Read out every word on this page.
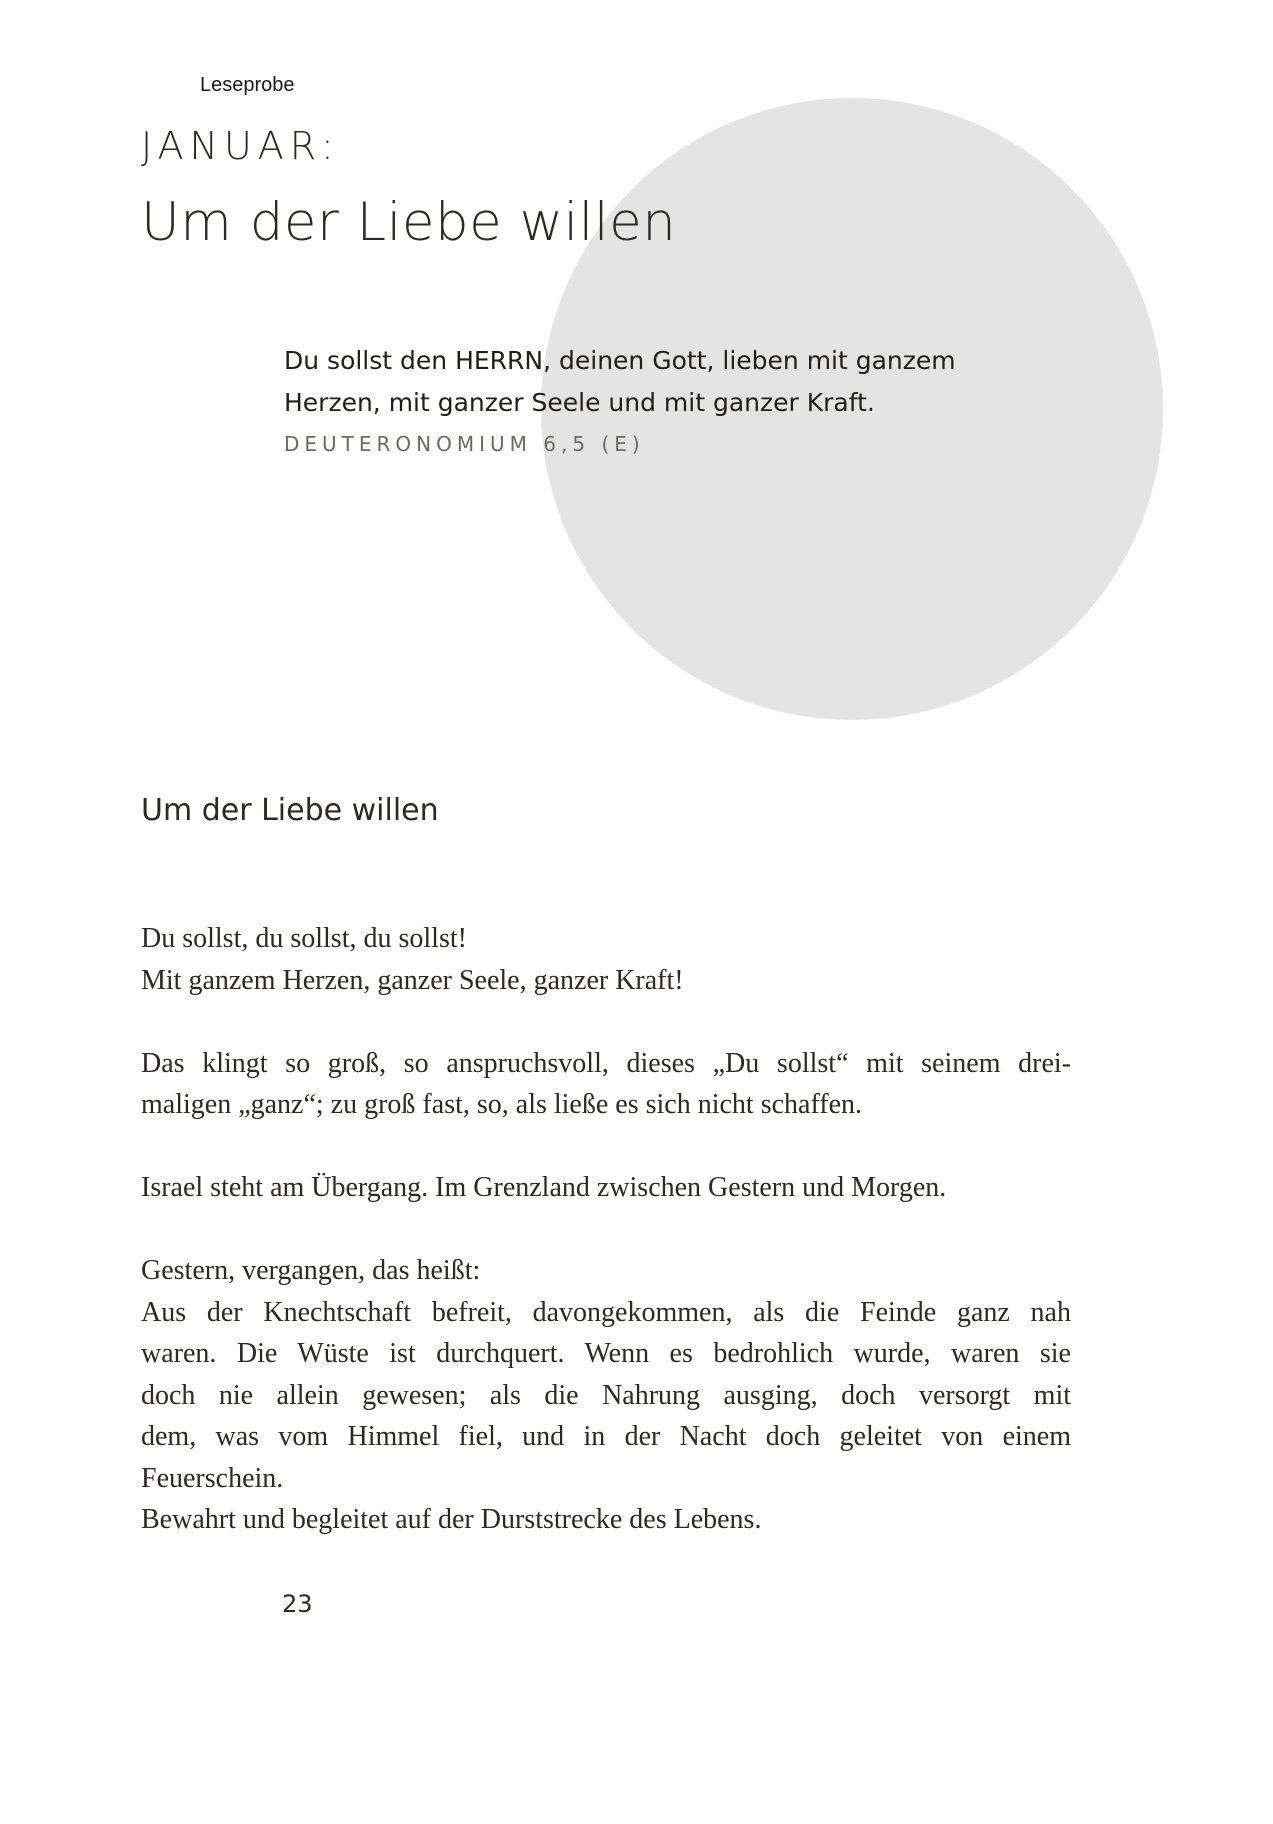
Leseprobe
JANUAR:
Um der Liebe willen
Du sollst den HERRN, deinen Gott, lieben mit ganzem
Herzen, mit ganzer Seele und mit ganzer Kraft.
DEUTERONOMIUM 6,5 (E)
Um der Liebe willen
Du sollst, du sollst, du sollst!
Mit ganzem Herzen, ganzer Seele, ganzer Kraft!
Das klingt so groß, so anspruchsvoll, dieses „Du sollst“ mit seinem drei-
maligen „ganz“; zu groß fast, so, als ließe es sich nicht schaffen.
Israel steht am Übergang. Im Grenzland zwischen Gestern und Morgen.
Gestern, vergangen, das heißt:
Aus der Knechtschaft befreit, davongekommen, als die Feinde ganz nah
waren. Die Wüste ist durchquert. Wenn es bedrohlich wurde, waren sie
doch nie allein gewesen; als die Nahrung ausging, doch versorgt mit
dem, was vom Himmel fiel, und in der Nacht doch geleitet von einem
Feuerschein.
Bewahrt und begleitet auf der Durststrecke des Lebens.
23
